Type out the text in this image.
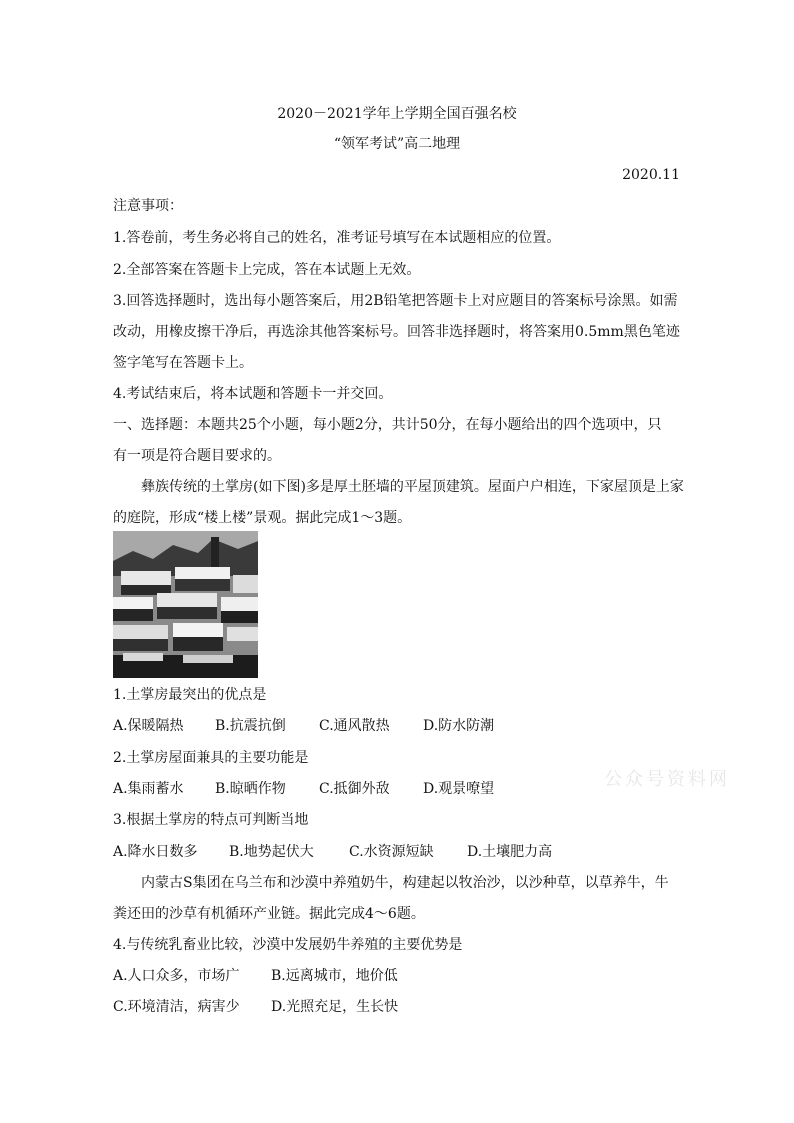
2020－2021学年上学期全国百强名校
“领军考试”高二地理
2020.11
注意事项：
1.答卷前，考生务必将自己的姓名，准考证号填写在本试题相应的位置。
2.全部答案在答题卡上完成，答在本试题上无效。
3.回答选择题时，选出每小题答案后，用2B铅笔把答题卡上对应题目的答案标号涂黑。如需
改动，用橡皮擦干净后，再选涂其他答案标号。回答非选择题时，将答案用0.5mm黑色笔迹
签字笔写在答题卡上。
4.考试结束后，将本试题和答题卡一并交回。
一、选择题：本题共25个小题，每小题2分，共计50分，在每小题给出的四个选项中，只
有一项是符合题目要求的。
彝族传统的土掌房(如下图)多是厚土胚墙的平屋顶建筑。屋面户户相连，下家屋顶是上家
的庭院，形成“楼上楼”景观。据此完成1～3题。
1.土掌房最突出的优点是
A.保暖隔热 B.抗震抗倒 C.通风散热 D.防水防潮
2.土掌房屋面兼具的主要功能是
A.集雨蓄水 B.晾晒作物 C.抵御外敌 D.观景嘹望
3.根据土掌房的特点可判断当地
A.降水日数多 B.地势起伏大	C.水资源短缺 D.土壤肥力高
内蒙古S集团在乌兰布和沙漠中养殖奶牛，构建起以牧治沙，以沙种草，以草养牛，牛
粪还田的沙草有机循环产业链。据此完成4～6题。
4.与传统乳畜业比较，沙漠中发展奶牛养殖的主要优势是
A.人口众多，市场广 B.远离城市，地价低
C.环境清洁，病害少 D.光照充足，生长快
公众号资料网
